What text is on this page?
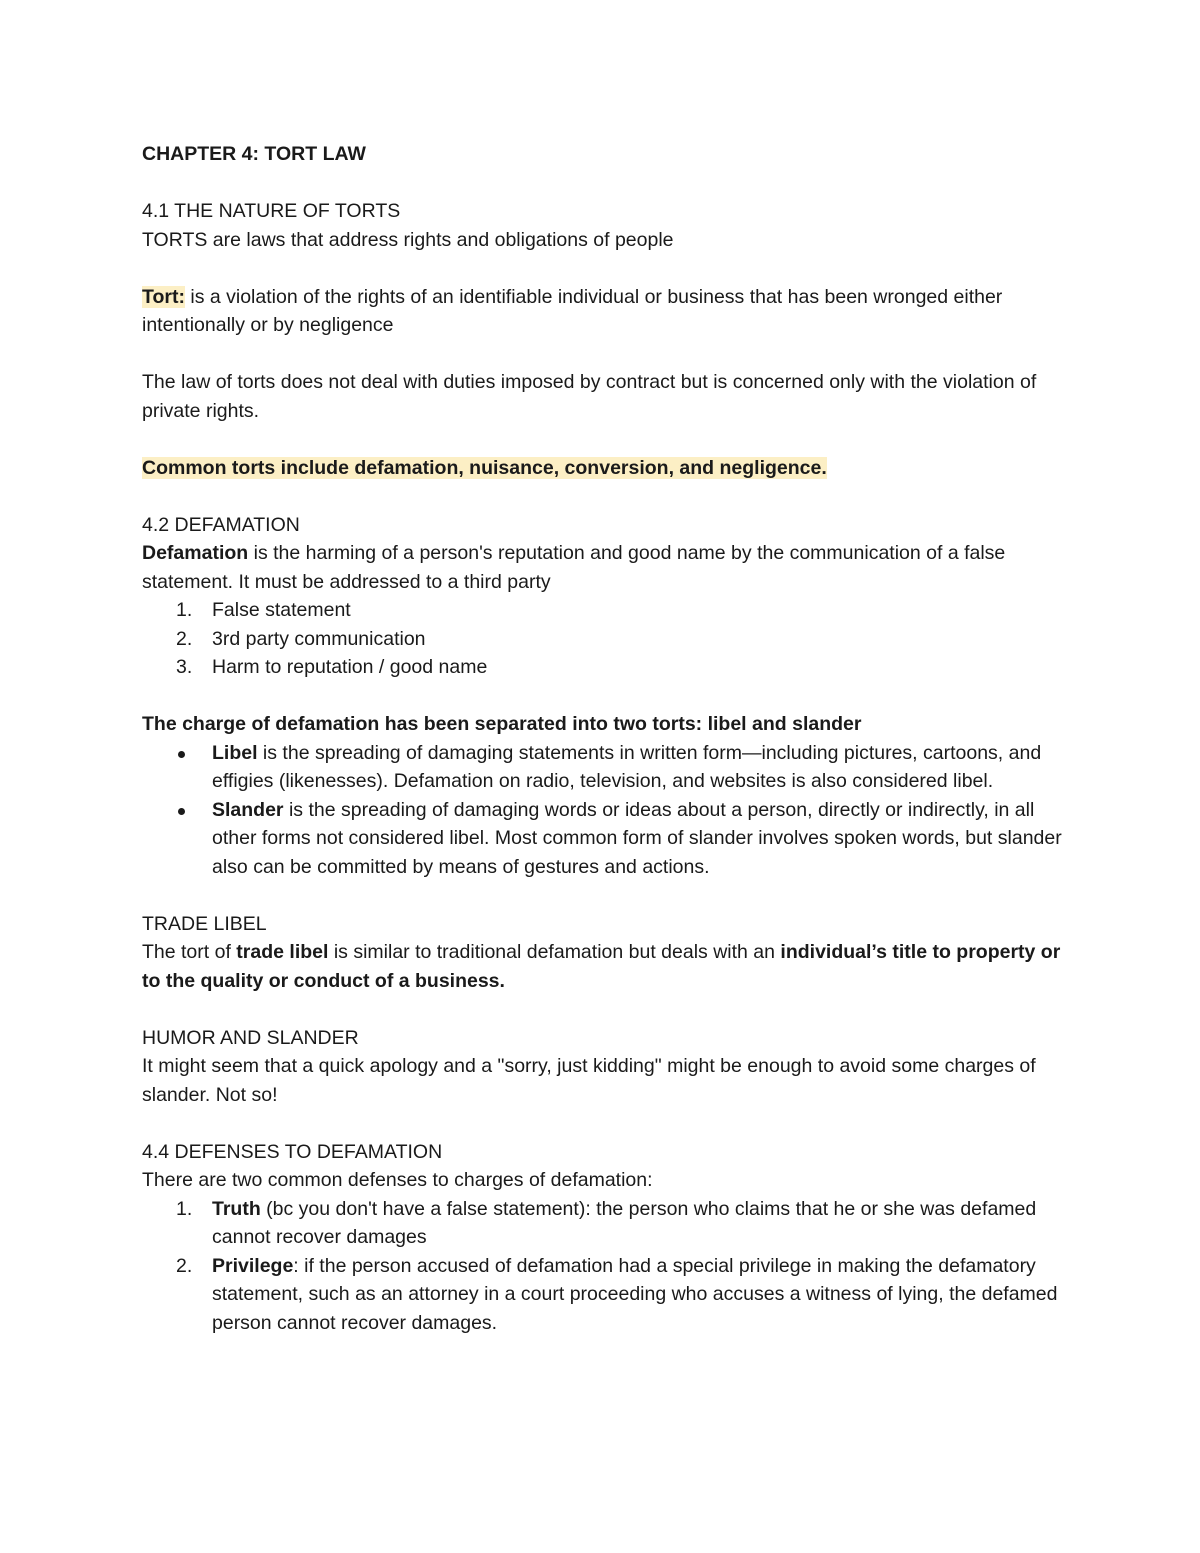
CHAPTER 4: TORT LAW

4.1 THE NATURE OF TORTS

TORTS are laws that address rights and obligations of people

Tort: is a violation of the rights of an identifiable individual or business that has been wronged either intentionally or by negligence

The law of torts does not deal with duties imposed by contract but is concerned only with the violation of private rights.

Common torts include defamation, nuisance, conversion, and negligence.

4.2 DEFAMATION

Defamation is the harming of a person's reputation and good name by the communication of a false statement. It must be addressed to a third party

1. False statement
2. 3rd party communication
3. Harm to reputation / good name

The charge of defamation has been separated into two torts: libel and slander

Libel is the spreading of damaging statements in written form—including pictures, cartoons, and effigies (likenesses). Defamation on radio, television, and websites is also considered libel.
Slander is the spreading of damaging words or ideas about a person, directly or indirectly, in all other forms not considered libel. Most common form of slander involves spoken words, but slander also can be committed by means of gestures and actions.

TRADE LIBEL

The tort of trade libel is similar to traditional defamation but deals with an individual’s title to property or to the quality or conduct of a business.

HUMOR AND SLANDER

It might seem that a quick apology and a "sorry, just kidding" might be enough to avoid some charges of slander. Not so!

4.4 DEFENSES TO DEFAMATION

There are two common defenses to charges of defamation:

1. Truth (bc you don't have a false statement): the person who claims that he or she was defamed cannot recover damages
2. Privilege: if the person accused of defamation had a special privilege in making the defamatory statement, such as an attorney in a court proceeding who accuses a witness of lying, the defamed person cannot recover damages.
